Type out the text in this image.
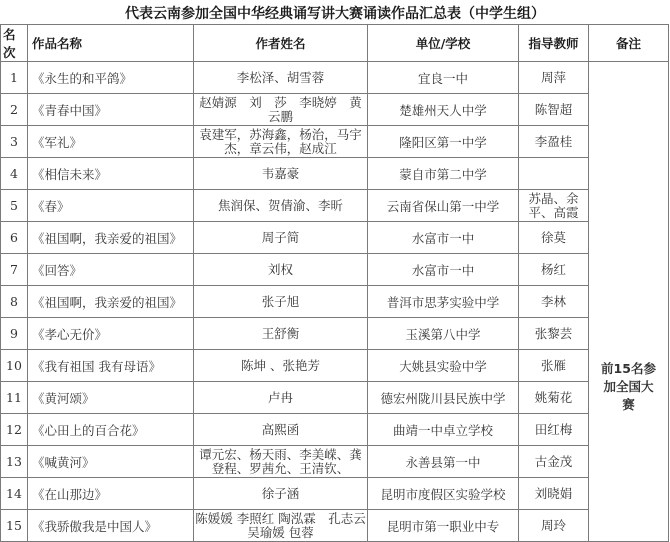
代表云南参加全国中华经典诵写讲大赛诵读作品汇总表（中学生组）
名次	作品名称	作者姓名	单位/学校	指导教师	备注

1	《永生的和平鸽》	李松泽、胡雪蓉	宜良一中	周萍	前15名参加全国大赛

2	《青春中国》	赵婧源　刘　莎　李晓婷　黄云鹏	楚雄州天人中学	陈智超	

3	《军礼》	袁建军，苏海鑫，杨治，马宇杰，章云伟，赵成江	隆阳区第一中学	李盈桂	

4	《相信未来》	韦嘉豪	蒙自市第二中学		

5	《春》	焦润保、贺倩渝、李昕	云南省保山第一中学	苏晶、余平、高霞	

6	《祖国啊，我亲爱的祖国》	周子简	水富市一中	徐莫	

7	《回答》	刘权	水富市一中	杨红	

8	《祖国啊，我亲爱的祖国》	张子旭	普洱市思茅实验中学	李林	

9	《孝心无价》	王舒衡	玉溪第八中学	张黎芸	

10	《我有祖国 我有母语》	陈坤 、张艳芳	大姚县实验中学	张雁	

11	《黄河颂》	卢冉	德宏州陇川县民族中学	姚菊花	

12	《心田上的百合花》	高熙函	曲靖一中卓立学校	田红梅	

13	《喊黄河》	谭元宏、杨天雨、李美嵘、龚登程、罗茜允、王清钦、	永善县第一中	古金茂	

14	《在山那边》	徐子涵	昆明市度假区实验学校	刘晓娟	

15	《我骄傲我是中国人》	陈媛媛 李照红 陶泓霖　孔志云 吴瑜媛 包蓉	昆明市第一职业中专	周玲	
